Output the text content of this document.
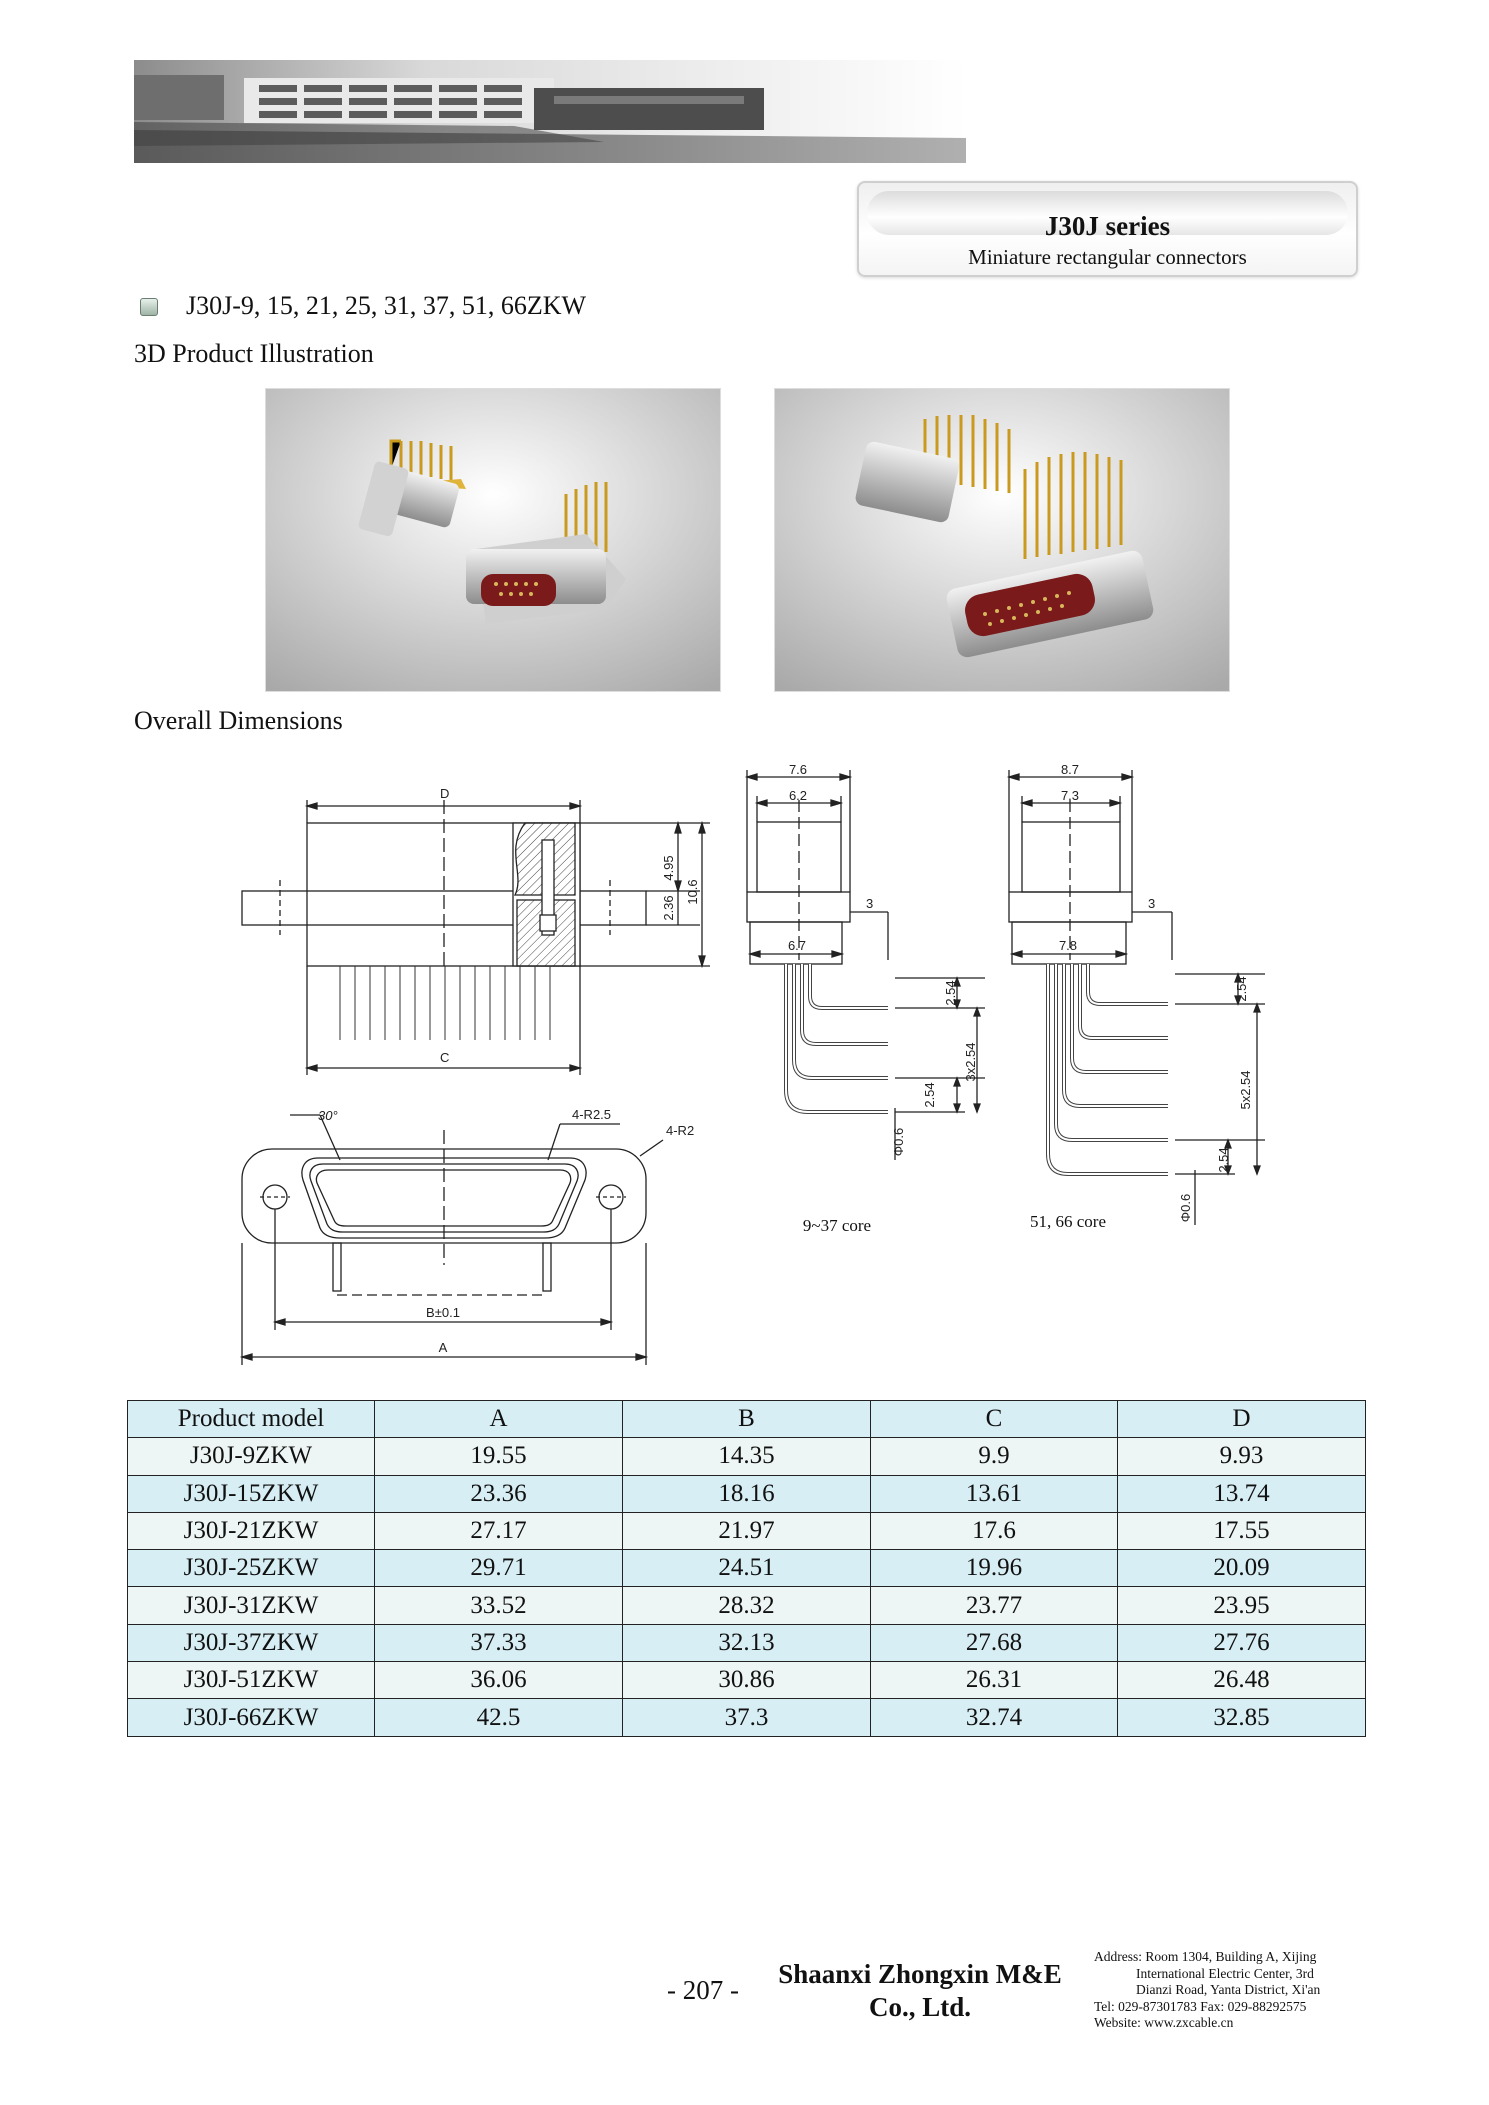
J30J series
Miniature rectangular connectors
J30J-9, 15, 21, 25, 31, 37, 51, 66ZKW
3D Product Illustration
Overall Dimensions
D
C
4.95
2.36
10.6
30°	4-R2.5
4-R2
B±0.1
A
7.6
6.2
6.7
3
2.54
3x2.54
2.54
Φ0.6
9~37 core
8.7
7.3
7.8
3
2.54
5x2.54
2.54
Φ0.6
51, 66 core
Product model	A	B	C	D
J30J-9ZKW	19.55	14.35	9.9	9.93
J30J-15ZKW	23.36	18.16	13.61	13.74
J30J-21ZKW	27.17	21.97	17.6	17.55
J30J-25ZKW	29.71	24.51	19.96	20.09
J30J-31ZKW	33.52	28.32	23.77	23.95
J30J-37ZKW	37.33	32.13	27.68	27.76
J30J-51ZKW	36.06	30.86	26.31	26.48
J30J-66ZKW	42.5	37.3	32.74	32.85
- 207 -
Shaanxi Zhongxin M&E
Co., Ltd.
Address: Room 1304, Building A, Xijing
International Electric Center, 3rd
Dianzi Road, Yanta District, Xi'an
Tel: 029-87301783 Fax: 029-88292575
Website: www.zxcable.cn
